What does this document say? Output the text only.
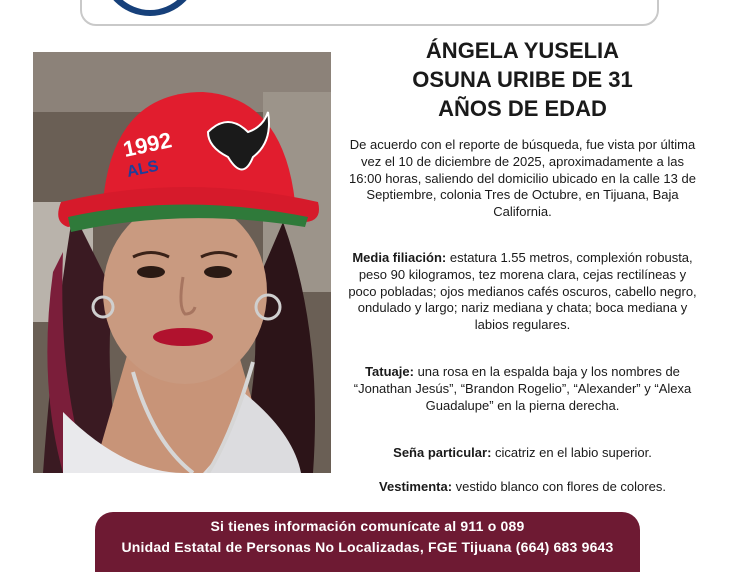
1992
ALS
ÁNGELA YUSELIA
OSUNA URIBE DE 31
AÑOS DE EDAD
De acuerdo con el reporte de búsqueda, fue vista por última vez el 10 de diciembre de 2025, aproximadamente a las 16:00 horas, saliendo del domicilio ubicado en la calle 13 de Septiembre, colonia Tres de Octubre, en Tijuana, Baja California.
Media filiación: estatura 1.55 metros, complexión robusta, peso 90 kilogramos, tez morena clara, cejas rectilíneas y poco pobladas; ojos medianos cafés oscuros, cabello negro, ondulado y largo; nariz mediana y chata; boca mediana y labios regulares.
Tatuaje: una rosa en la espalda baja y los nombres de “Jonathan Jesús”, “Brandon Rogelio”, “Alexander” y “Alexa Guadalupe” en la pierna derecha.
Seña particular: cicatriz en el labio superior.
Vestimenta: vestido blanco con flores de colores.
Si tienes información comunícate al 911 o 089
Unidad Estatal de Personas No Localizadas, FGE Tijuana (664) 683 9643
